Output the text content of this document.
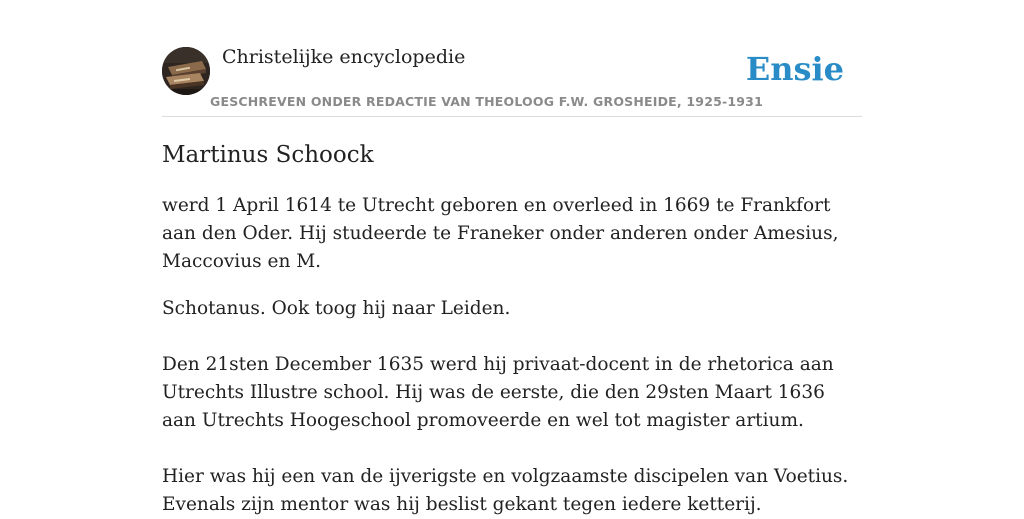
Christelijke encyclopedie
GESCHREVEN ONDER REDACTIE VAN THEOLOOG F.W. GROSHEIDE, 1925-1931
Ensie
Martinus Schoock

werd 1 April 1614 te Utrecht geboren en overleed in 1669 te Frankfort aan den Oder. Hij studeerde te Franeker onder anderen onder Amesius, Maccovius en M.

Schotanus. Ook toog hij naar Leiden.

Den 21sten December 1635 werd hij privaat-docent in de rhetorica aan Utrechts Illustre school. Hij was de eerste, die den 29sten Maart 1636 aan Utrechts Hoogeschool promoveerde en wel tot magister artium.

Hier was hij een van de ijverigste en volgzaamste discipelen van Voetius. Evenals zijn mentor was hij beslist gekant tegen iedere ketterij.
